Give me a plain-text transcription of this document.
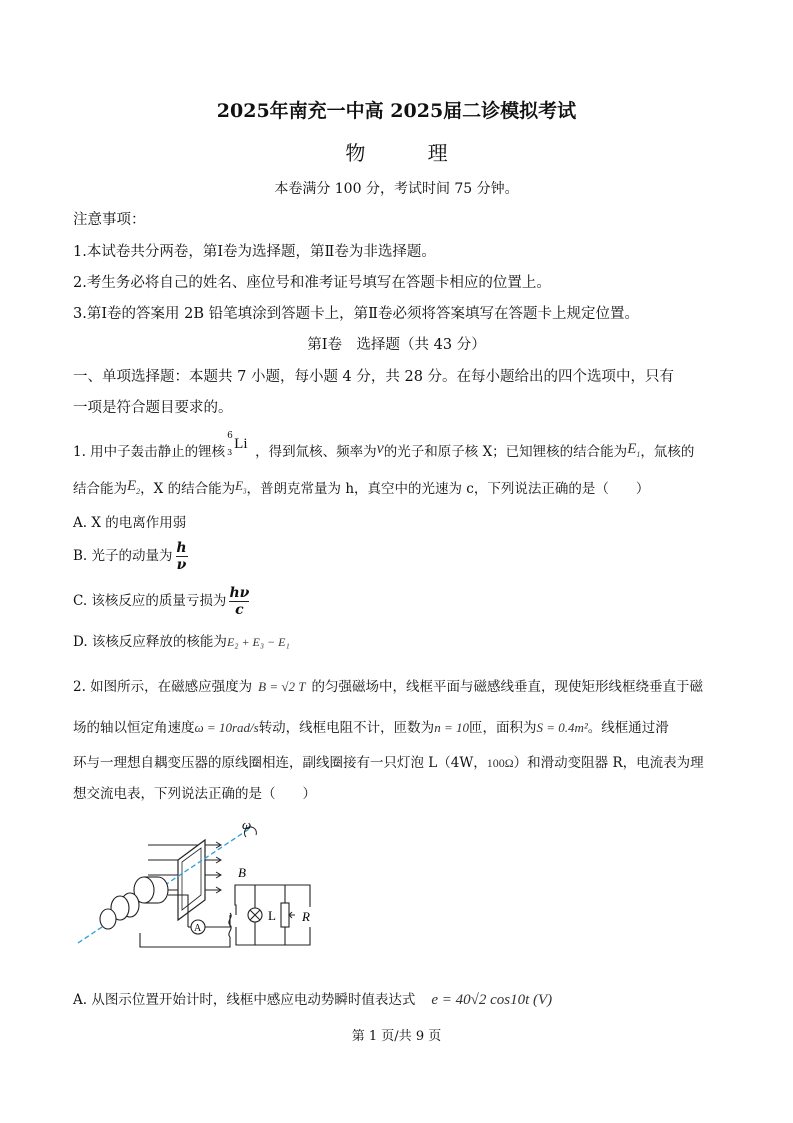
2025年南充一中高 2025届二诊模拟考试
物 理
本卷满分 100 分，考试时间 75 分钟。
注意事项：
1.本试卷共分两卷，第Ⅰ卷为选择题，第Ⅱ卷为非选择题。
2.考生务必将自己的姓名、座位号和准考证号填写在答题卡相应的位置上。
3.第Ⅰ卷的答案用 2B 铅笔填涂到答题卡上，第Ⅱ卷必须将答案填写在答题卡上规定位置。
第Ⅰ卷　选择题（共 43 分）
一、单项选择题：本题共 7 小题，每小题 4 分，共 28 分。在每小题给出的四个选项中，只有
一项是符合题目要求的。
1. 用中子轰击静止的锂核
6
3
Li ，得到氚核、频率为ν的光子和原子核 X；已知锂核的结合能为$E_1$，氚核的
结合能为$E_2$，X 的结合能为$E_3$，普朗克常量为 h，真空中的光速为 c，下列说法正确的是（　　）
A. X 的电离作用弱
B. 光子的动量为 $\frac{h}{\nu}$
C. 该核反应的质量亏损为 $\frac{h\nu}{c}$
D. 该核反应释放的核能为E₂ + E₃ − E₁
2. 如图所示，在磁感应强度为 B = √2 T 的匀强磁场中，线框平面与磁感线垂直，现使矩形线框绕垂直于磁
场的轴以恒定角速度ω = 10rad/s转动，线框电阻不计，匝数为n = 10匝，面积为S = 0.4m²。线框通过滑
环与一理想自耦变压器的原线圈相连，副线圈接有一只灯泡 L（4W，100Ω）和滑动变阻器 R，电流表为理
想交流电表，下列说法正确的是（　　）
ω
B
A
L R
A. 从图示位置开始计时，线框中感应电动势瞬时值表达式 e = 40√2 cos10t (V)
第 1 页/共 9 页
